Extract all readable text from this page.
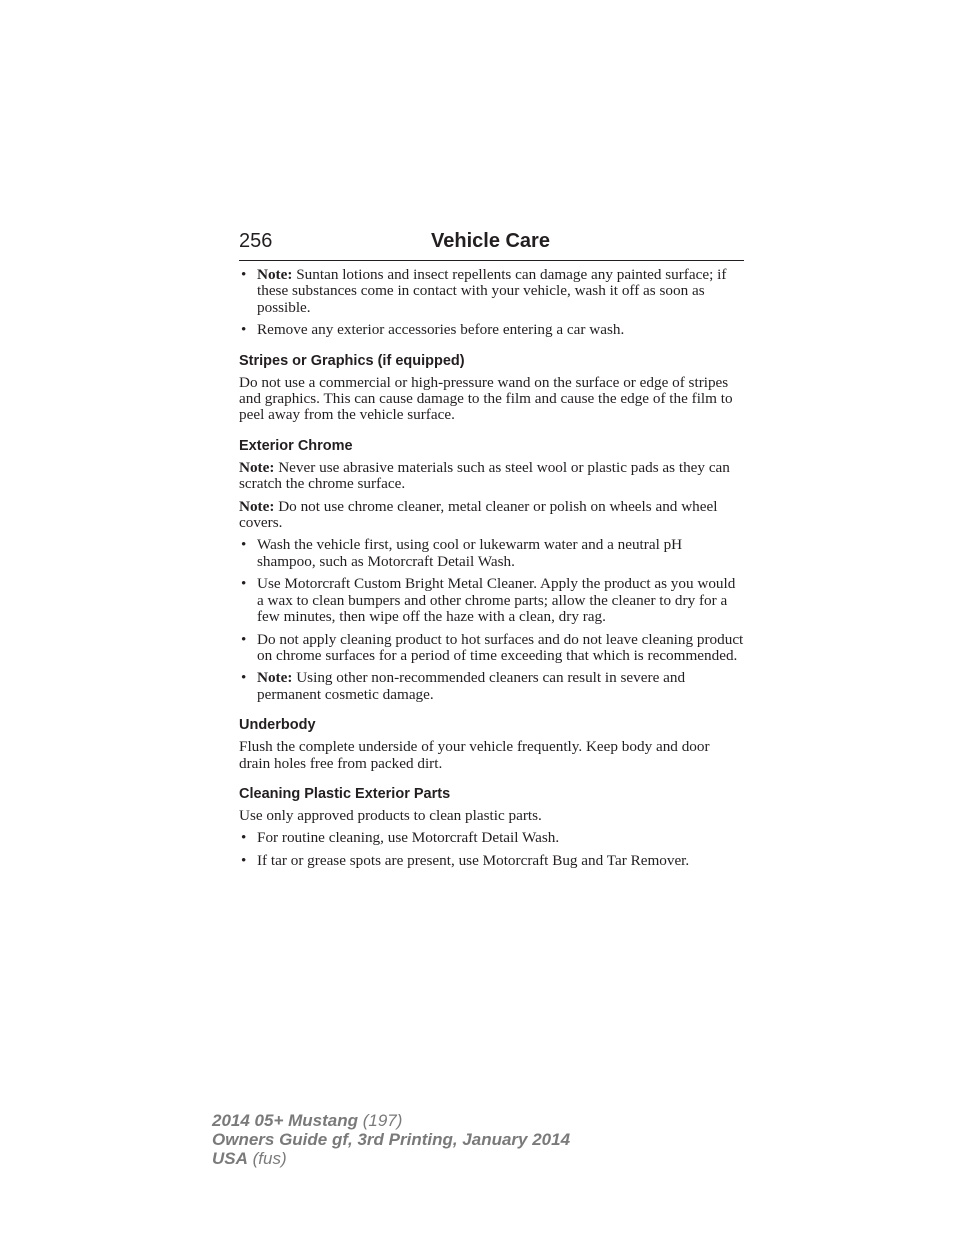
256	Vehicle Care
• Note: Suntan lotions and insect repellents can damage any painted surface; if these substances come in contact with your vehicle, wash it off as soon as possible.
• Remove any exterior accessories before entering a car wash.
Stripes or Graphics (if equipped)

Do not use a commercial or high-pressure wand on the surface or edge of stripes and graphics. This can cause damage to the film and cause the edge of the film to peel away from the vehicle surface.

Exterior Chrome

Note: Never use abrasive materials such as steel wool or plastic pads as they can scratch the chrome surface.

Note: Do not use chrome cleaner, metal cleaner or polish on wheels and wheel covers.

• Wash the vehicle first, using cool or lukewarm water and a neutral pH shampoo, such as Motorcraft Detail Wash.
• Use Motorcraft Custom Bright Metal Cleaner. Apply the product as you would a wax to clean bumpers and other chrome parts; allow the cleaner to dry for a few minutes, then wipe off the haze with a clean, dry rag.
• Do not apply cleaning product to hot surfaces and do not leave cleaning product on chrome surfaces for a period of time exceeding that which is recommended.
• Note: Using other non-recommended cleaners can result in severe and permanent cosmetic damage.
Underbody

Flush the complete underside of your vehicle frequently. Keep body and door drain holes free from packed dirt.

Cleaning Plastic Exterior Parts

Use only approved products to clean plastic parts.

• For routine cleaning, use Motorcraft Detail Wash.
• If tar or grease spots are present, use Motorcraft Bug and Tar Remover.
2014 05+ Mustang (197)
Owners Guide gf, 3rd Printing, January 2014
USA (fus)
